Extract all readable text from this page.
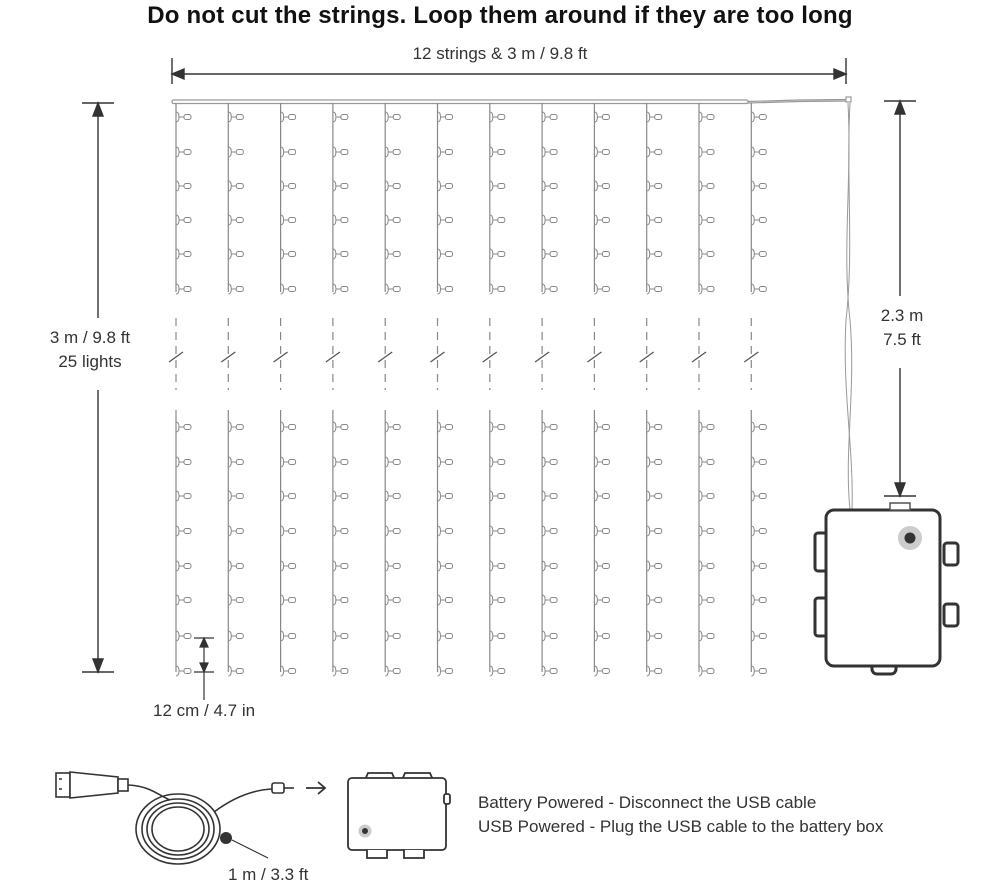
Do not cut the strings. Loop them around if they are too long
12 strings & 3 m / 9.8 ft
3 m / 9.8 ft
25 lights
2.3 m
7.5 ft
12 cm / 4.7 in
1 m / 3.3 ft
Battery Powered - Disconnect the USB cable
USB Powered - Plug the USB cable to the battery box
